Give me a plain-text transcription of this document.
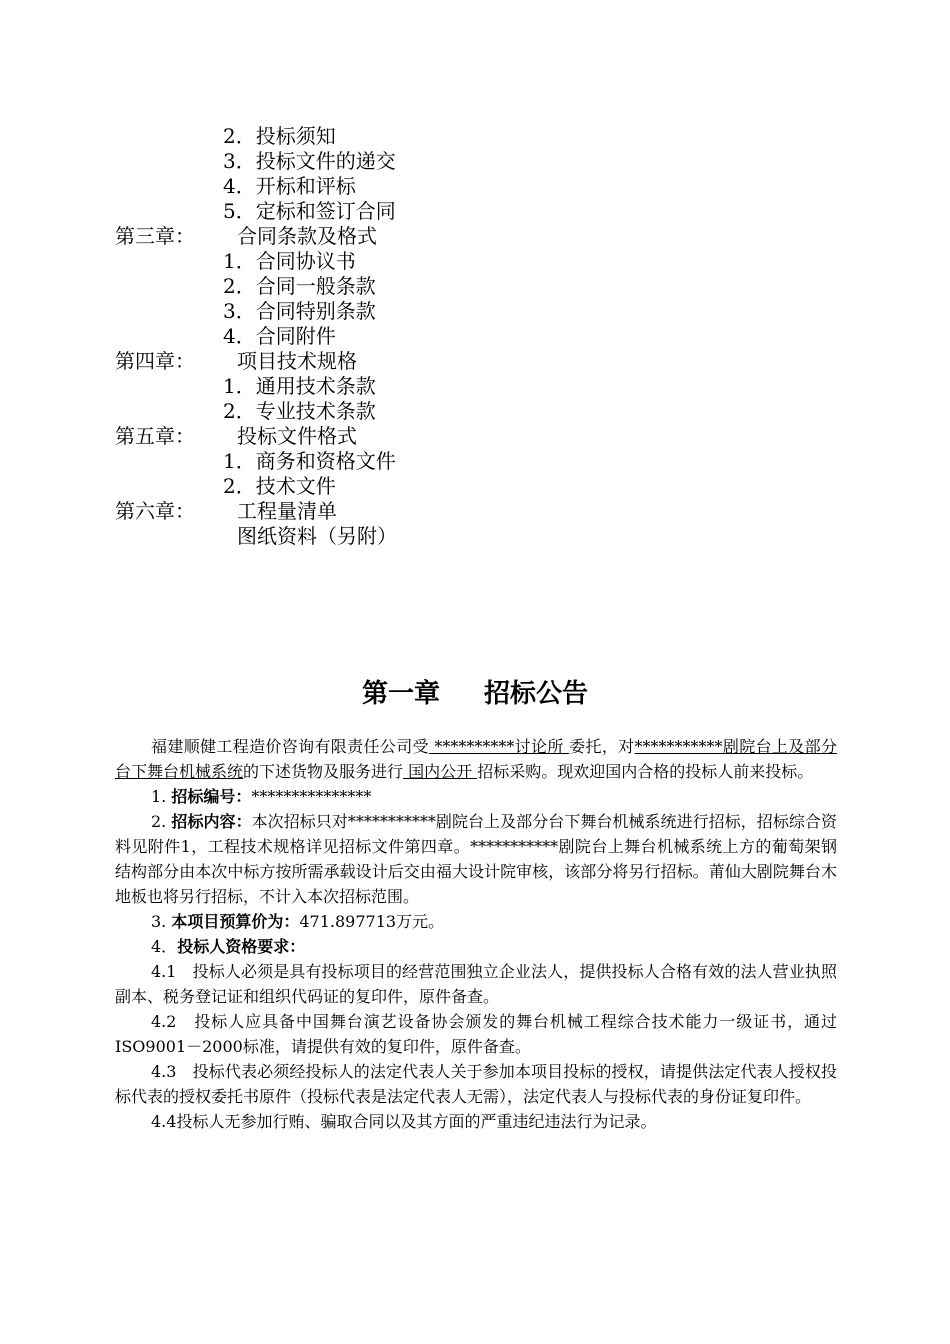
2．投标须知
3．投标文件的递交
4．开标和评标
5．定标和签订合同
第三章： 合同条款及格式
1．合同协议书
2．合同一般条款
3．合同特别条款
4．合同附件
第四章： 项目技术规格
1．通用技术条款
2．专业技术条款
第五章： 投标文件格式
1．商务和资格文件
2．技术文件
第六章： 工程量清单
图纸资料（另附）
第一章 招标公告

福建顺健工程造价咨询有限责任公司受 **********讨论所 委托，对***********剧院台上及部分台下舞台机械系统的下述货物及服务进行 国内公开 招标采购。现欢迎国内合格的投标人前来投标。

1. 招标编号：***************

2. 招标内容：本次招标只对***********剧院台上及部分台下舞台机械系统进行招标，招标综合资料见附件1，工程技术规格详见招标文件第四章。***********剧院台上舞台机械系统上方的葡萄架钢结构部分由本次中标方按所需承载设计后交由福大设计院审核，该部分将另行招标。莆仙大剧院舞台木地板也将另行招标，不计入本次招标范围。

3. 本项目预算价为：471.897713万元。

4．投标人资格要求：

4.1　投标人必须是具有投标项目的经营范围独立企业法人，提供投标人合格有效的法人营业执照副本、税务登记证和组织代码证的复印件，原件备查。

4.2　投标人应具备中国舞台演艺设备协会颁发的舞台机械工程综合技术能力一级证书，通过ISO9001－2000标准，请提供有效的复印件，原件备查。

4.3　投标代表必须经投标人的法定代表人关于参加本项目投标的授权，请提供法定代表人授权投标代表的授权委托书原件（投标代表是法定代表人无需），法定代表人与投标代表的身份证复印件。

4.4投标人无参加行贿、骗取合同以及其方面的严重违纪违法行为记录。
